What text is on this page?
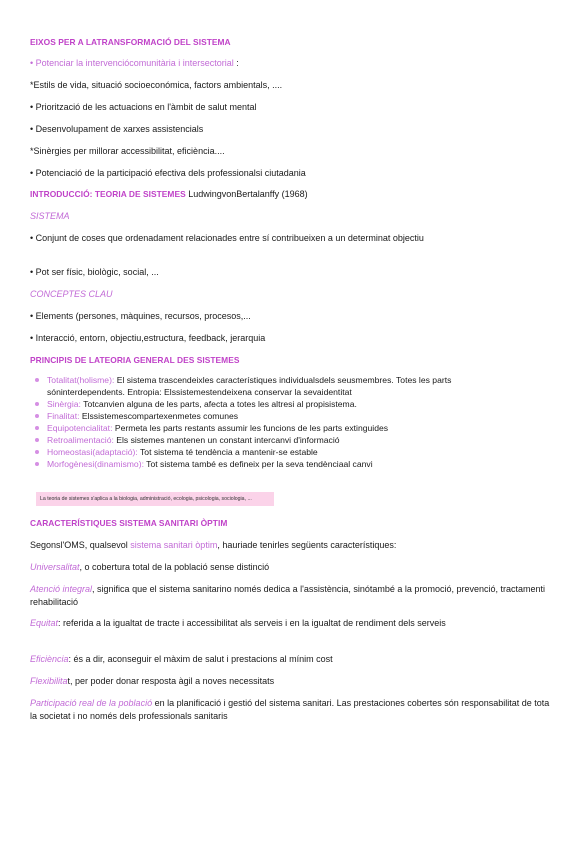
EIXOS PER A LATRANSFORMACIÓ DEL SISTEMA
• Potenciar la intervenciócomunitària i intersectorial :
*Estils de vida, situació socioeconómica, factors ambientals, ....
• Priorització de les actuacions en l'àmbit de salut mental
• Desenvolupament de xarxes assistencials
*Sinèrgies per millorar accessibilitat, eficiència....
• Potenciació de la participació efectiva dels professionalsi ciutadania
INTRODUCCIÓ: TEORIA DE SISTEMES LudwingvonBertalanffy (1968)
SISTEMA
• Conjunt de coses que ordenadament relacionades entre sí contribueixen a un determinat objectiu
• Pot ser físic, biològic, social, ...
CONCEPTES CLAU
• Elements (persones, màquines, recursos, procesos,...
• Interacció, entorn, objectiu,estructura, feedback, jerarquia
PRINCIPIS DE LATEORIA GENERAL DES SISTEMES
Totalitat(holisme): El sistema trascendeixles característiques individualsdels seusmembres. Totes les parts sóninterdependents. Entropia: Elssistemestendeixena conservar la sevaidentitat
Sinèrgia: Totcanvien alguna de les parts, afecta a totes les altresi al propisistema.
Finalitat: Elssistemescompartexenmetes comunes
Equipotencialitat: Permeta les parts restants assumir les funcions de les parts extinguides
Retroalimentació: Els sistemes mantenen un constant intercanvi d'informació
Homeostasi(adaptació): Tot sistema té tendència a mantenir-se estable
Morfogènesi(dinamismo): Tot sistema també es defineix per la seva tendènciaal canvi
La teoria de sistemes s'aplica a la biologia, administració, ecologia, psicologia, sociologia, ...
CARACTERÍSTIQUES SISTEMA SANITARI ÒPTIM
Segonsl'OMS, qualsevol sistema sanitari òptim, hauriade tenirles següents característiques:
Universalitat, o cobertura total de la població sense distinció
Atenció integral, significa que el sistema sanitarino només dedica a l'assistència, sinótambé a la promoció, prevenció, tractamenti rehabilitació
Equitat: referida a la igualtat de tracte i accessibilitat als serveis i en la igualtat de rendiment dels serveis
Eficiència: és a dir, aconseguir el màxim de salut i prestacions al mínim cost
Flexibilitat, per poder donar resposta àgil a noves necessitats
Participació real de la població en la planificació i gestió del sistema sanitari. Las prestaciones cobertes són responsabilitat de tota la societat i no només dels professionals sanitaris
